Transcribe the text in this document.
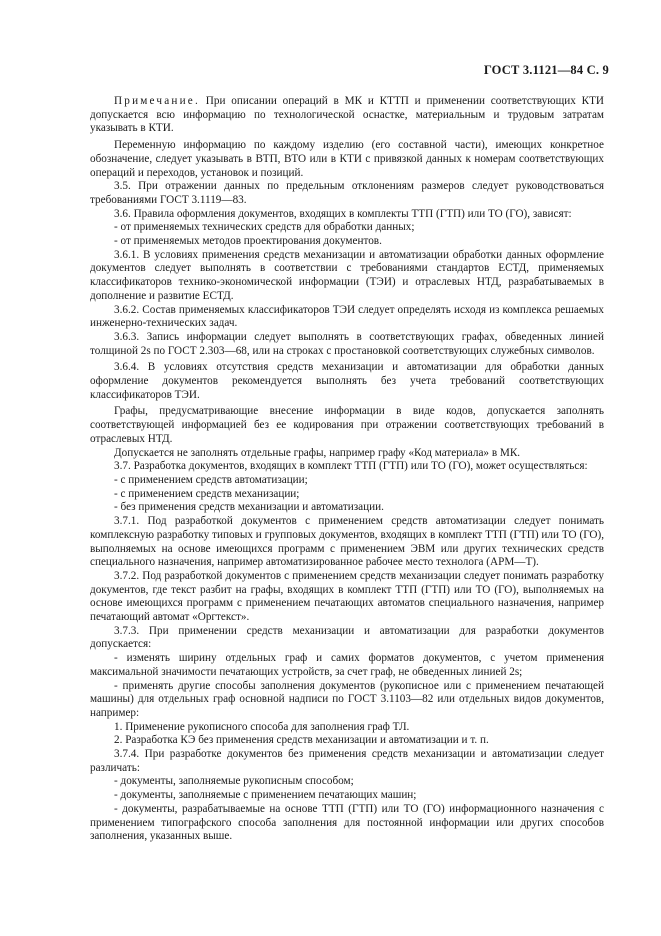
ГОСТ 3.1121—84 С. 9

Примечание. При описании операций в МК и КТТП и применении соответствующих КТИ допускается всю информацию по технологической оснастке, материальным и трудовым затратам указывать в КТИ.

Переменную информацию по каждому изделию (его составной части), имеющих конкретное обозначение, следует указывать в ВТП, ВТО или в КТИ с привязкой данных к номерам соответствующих операций и переходов, установок и позиций.

3.5. При отражении данных по предельным отклонениям размеров следует руководствоваться требованиями ГОСТ 3.1119—83.

3.6. Правила оформления документов, входящих в комплекты ТТП (ГТП) или ТО (ГО), зависят:

- от применяемых технических средств для обработки данных;

- от применяемых методов проектирования документов.

3.6.1. В условиях применения средств механизации и автоматизации обработки данных оформление документов следует выполнять в соответствии с требованиями стандартов ЕСТД, применяемых классификаторов технико-экономической информации (ТЭИ) и отраслевых НТД, разрабатываемых в дополнение и развитие ЕСТД.

3.6.2. Состав применяемых классификаторов ТЭИ следует определять исходя из комплекса решаемых инженерно-технических задач.

3.6.3. Запись информации следует выполнять в соответствующих графах, обведенных линией толщиной 2s по ГОСТ 2.303—68, или на строках с простановкой соответствующих служебных символов.

3.6.4. В условиях отсутствия средств механизации и автоматизации для обработки данных оформление документов рекомендуется выполнять без учета требований соответствующих классификаторов ТЭИ.

Графы, предусматривающие внесение информации в виде кодов, допускается заполнять соответствующей информацией без ее кодирования при отражении соответствующих требований в отраслевых НТД.

Допускается не заполнять отдельные графы, например графу «Код материала» в МК.

3.7. Разработка документов, входящих в комплект ТТП (ГТП) или ТО (ГО), может осуществляться:

- с применением средств автоматизации;

- с применением средств механизации;

- без применения средств механизации и автоматизации.

3.7.1. Под разработкой документов с применением средств автоматизации следует понимать комплексную разработку типовых и групповых документов, входящих в комплект ТТП (ГТП) или ТО (ГО), выполняемых на основе имеющихся программ с применением ЭВМ или других технических средств специального назначения, например автоматизированное рабочее место технолога (АРМ—Т).

3.7.2. Под разработкой документов с применением средств механизации следует понимать разработку документов, где текст разбит на графы, входящих в комплект ТТП (ГТП) или ТО (ГО), выполняемых на основе имеющихся программ с применением печатающих автоматов специального назначения, например печатающий автомат «Оргтекст».

3.7.3. При применении средств механизации и автоматизации для разработки документов допускается:

- изменять ширину отдельных граф и самих форматов документов, с учетом применения максимальной значимости печатающих устройств, за счет граф, не обведенных линией 2s;

- применять другие способы заполнения документов (рукописное или с применением печатающей машины) для отдельных граф основной надписи по ГОСТ 3.1103—82 или отдельных видов документов, например:

1. Применение рукописного способа для заполнения граф ТЛ.

2. Разработка КЭ без применения средств механизации и автоматизации и т. п.

3.7.4. При разработке документов без применения средств механизации и автоматизации следует различать:

- документы, заполняемые рукописным способом;

- документы, заполняемые с применением печатающих машин;

- документы, разрабатываемые на основе ТТП (ГТП) или ТО (ГО) информационного назначения с применением типографского способа заполнения для постоянной информации или других способов заполнения, указанных выше.
